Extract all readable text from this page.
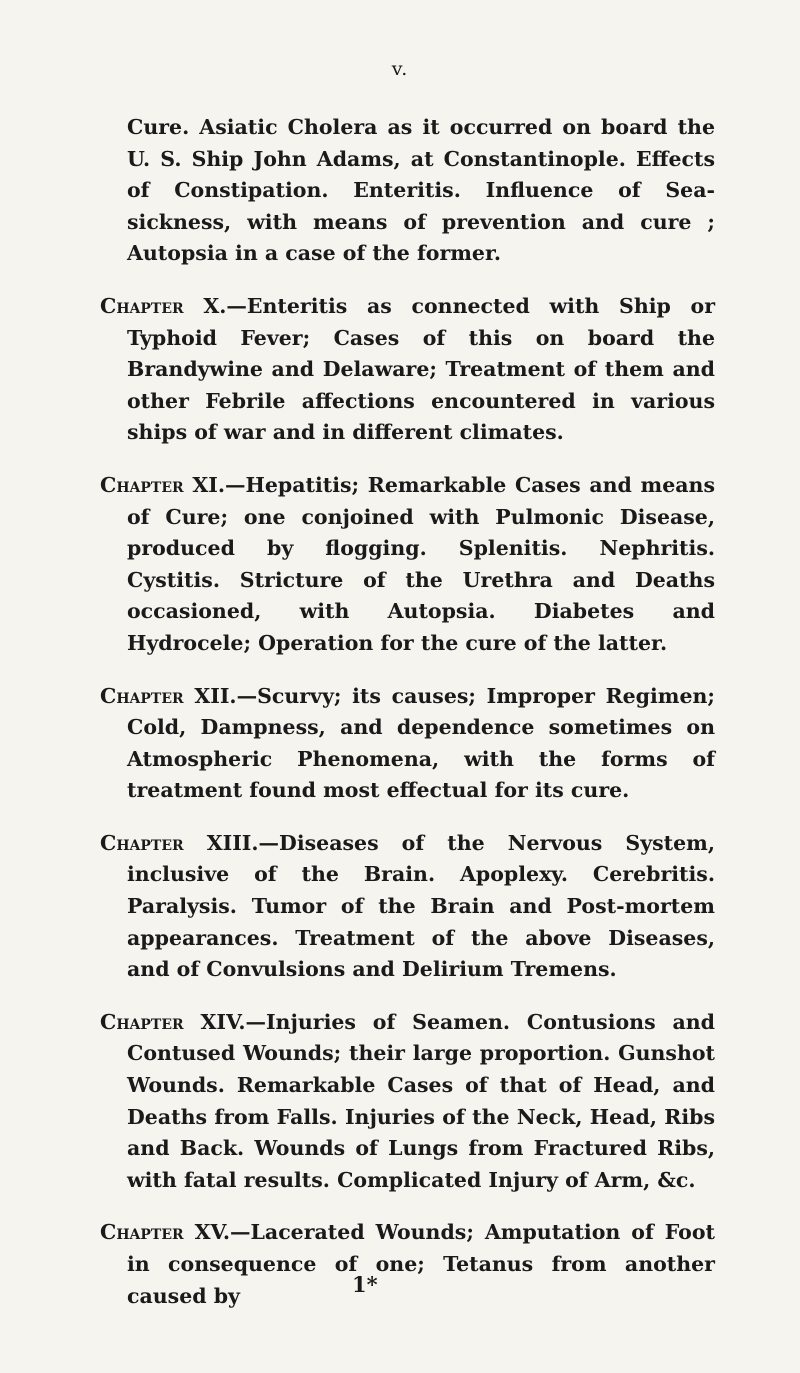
v.

Cure. Asiatic Cholera as it occurred on board the U. S. Ship John Adams, at Constantinople. Effects of Constipation. Enteritis. Influence of Sea-sickness, with means of prevention and cure ; Autopsia in a case of the former.

Chapter X.—Enteritis as connected with Ship or Typhoid Fever; Cases of this on board the Brandywine and Delaware; Treatment of them and other Febrile affections encountered in various ships of war and in different climates.

Chapter XI.—Hepatitis; Remarkable Cases and means of Cure; one conjoined with Pulmonic Disease, produced by flogging. Splenitis. Nephritis. Cystitis. Stricture of the Urethra and Deaths occasioned, with Autopsia. Diabetes and Hydrocele; Operation for the cure of the latter.

Chapter XII.—Scurvy; its causes; Improper Regimen; Cold, Dampness, and dependence sometimes on Atmospheric Phenomena, with the forms of treatment found most effectual for its cure.

Chapter XIII.—Diseases of the Nervous System, inclusive of the Brain. Apoplexy. Cerebritis. Paralysis. Tumor of the Brain and Post-mortem appearances. Treatment of the above Diseases, and of Convulsions and Delirium Tremens.

Chapter XIV.—Injuries of Seamen. Contusions and Contused Wounds; their large proportion. Gunshot Wounds. Remarkable Cases of that of Head, and Deaths from Falls. Injuries of the Neck, Head, Ribs and Back. Wounds of Lungs from Fractured Ribs, with fatal results. Complicated Injury of Arm, &c.

Chapter XV.—Lacerated Wounds; Amputation of Foot in consequence of one; Tetanus from another caused by	1*
